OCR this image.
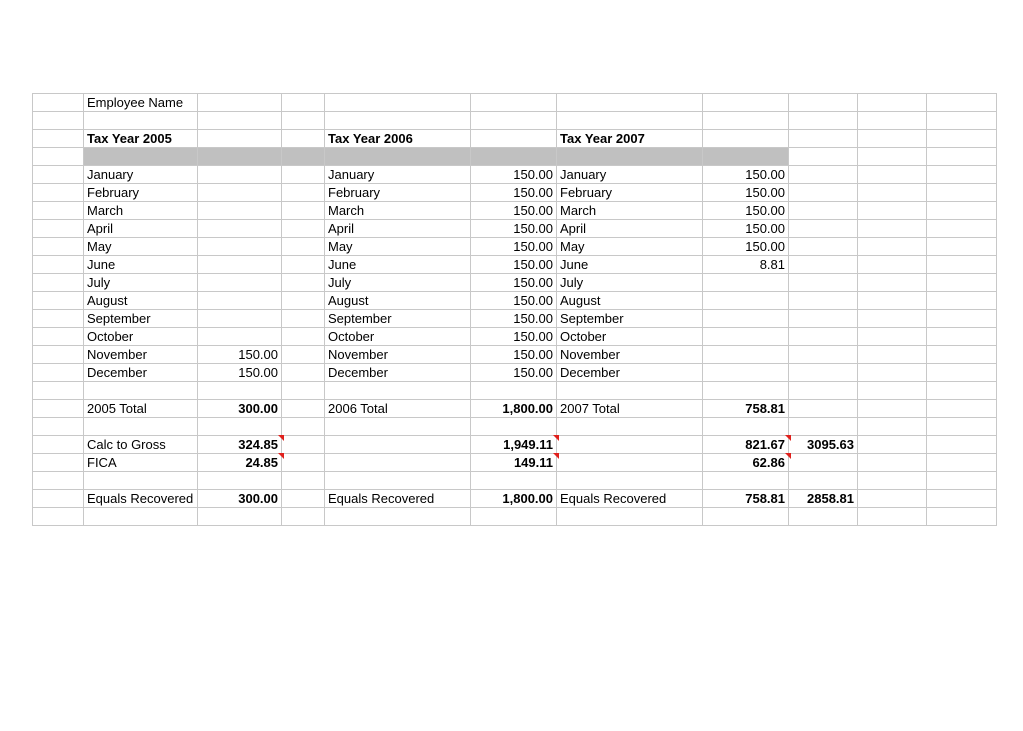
	Employee Name									

	Tax Year 2005			Tax Year 2006		Tax Year 2007				

	January			January	150.00	January	150.00			
	February			February	150.00	February	150.00			
	March			March	150.00	March	150.00			
	April			April	150.00	April	150.00			
	May			May	150.00	May	150.00			
	June			June	150.00	June	8.81			
	July			July	150.00	July				
	August			August	150.00	August				
	September			September	150.00	September				
	October			October	150.00	October				
	November	150.00		November	150.00	November				
	December	150.00		December	150.00	December				

	2005 Total	300.00		2006 Total	1,800.00	2007 Total	758.81			

	Calc to Gross	324.85			1,949.11		821.67	3095.63		
	FICA	24.85			149.11		62.86			

	Equals Recovered	300.00		Equals Recovered	1,800.00	Equals Recovered	758.81	2858.81		
